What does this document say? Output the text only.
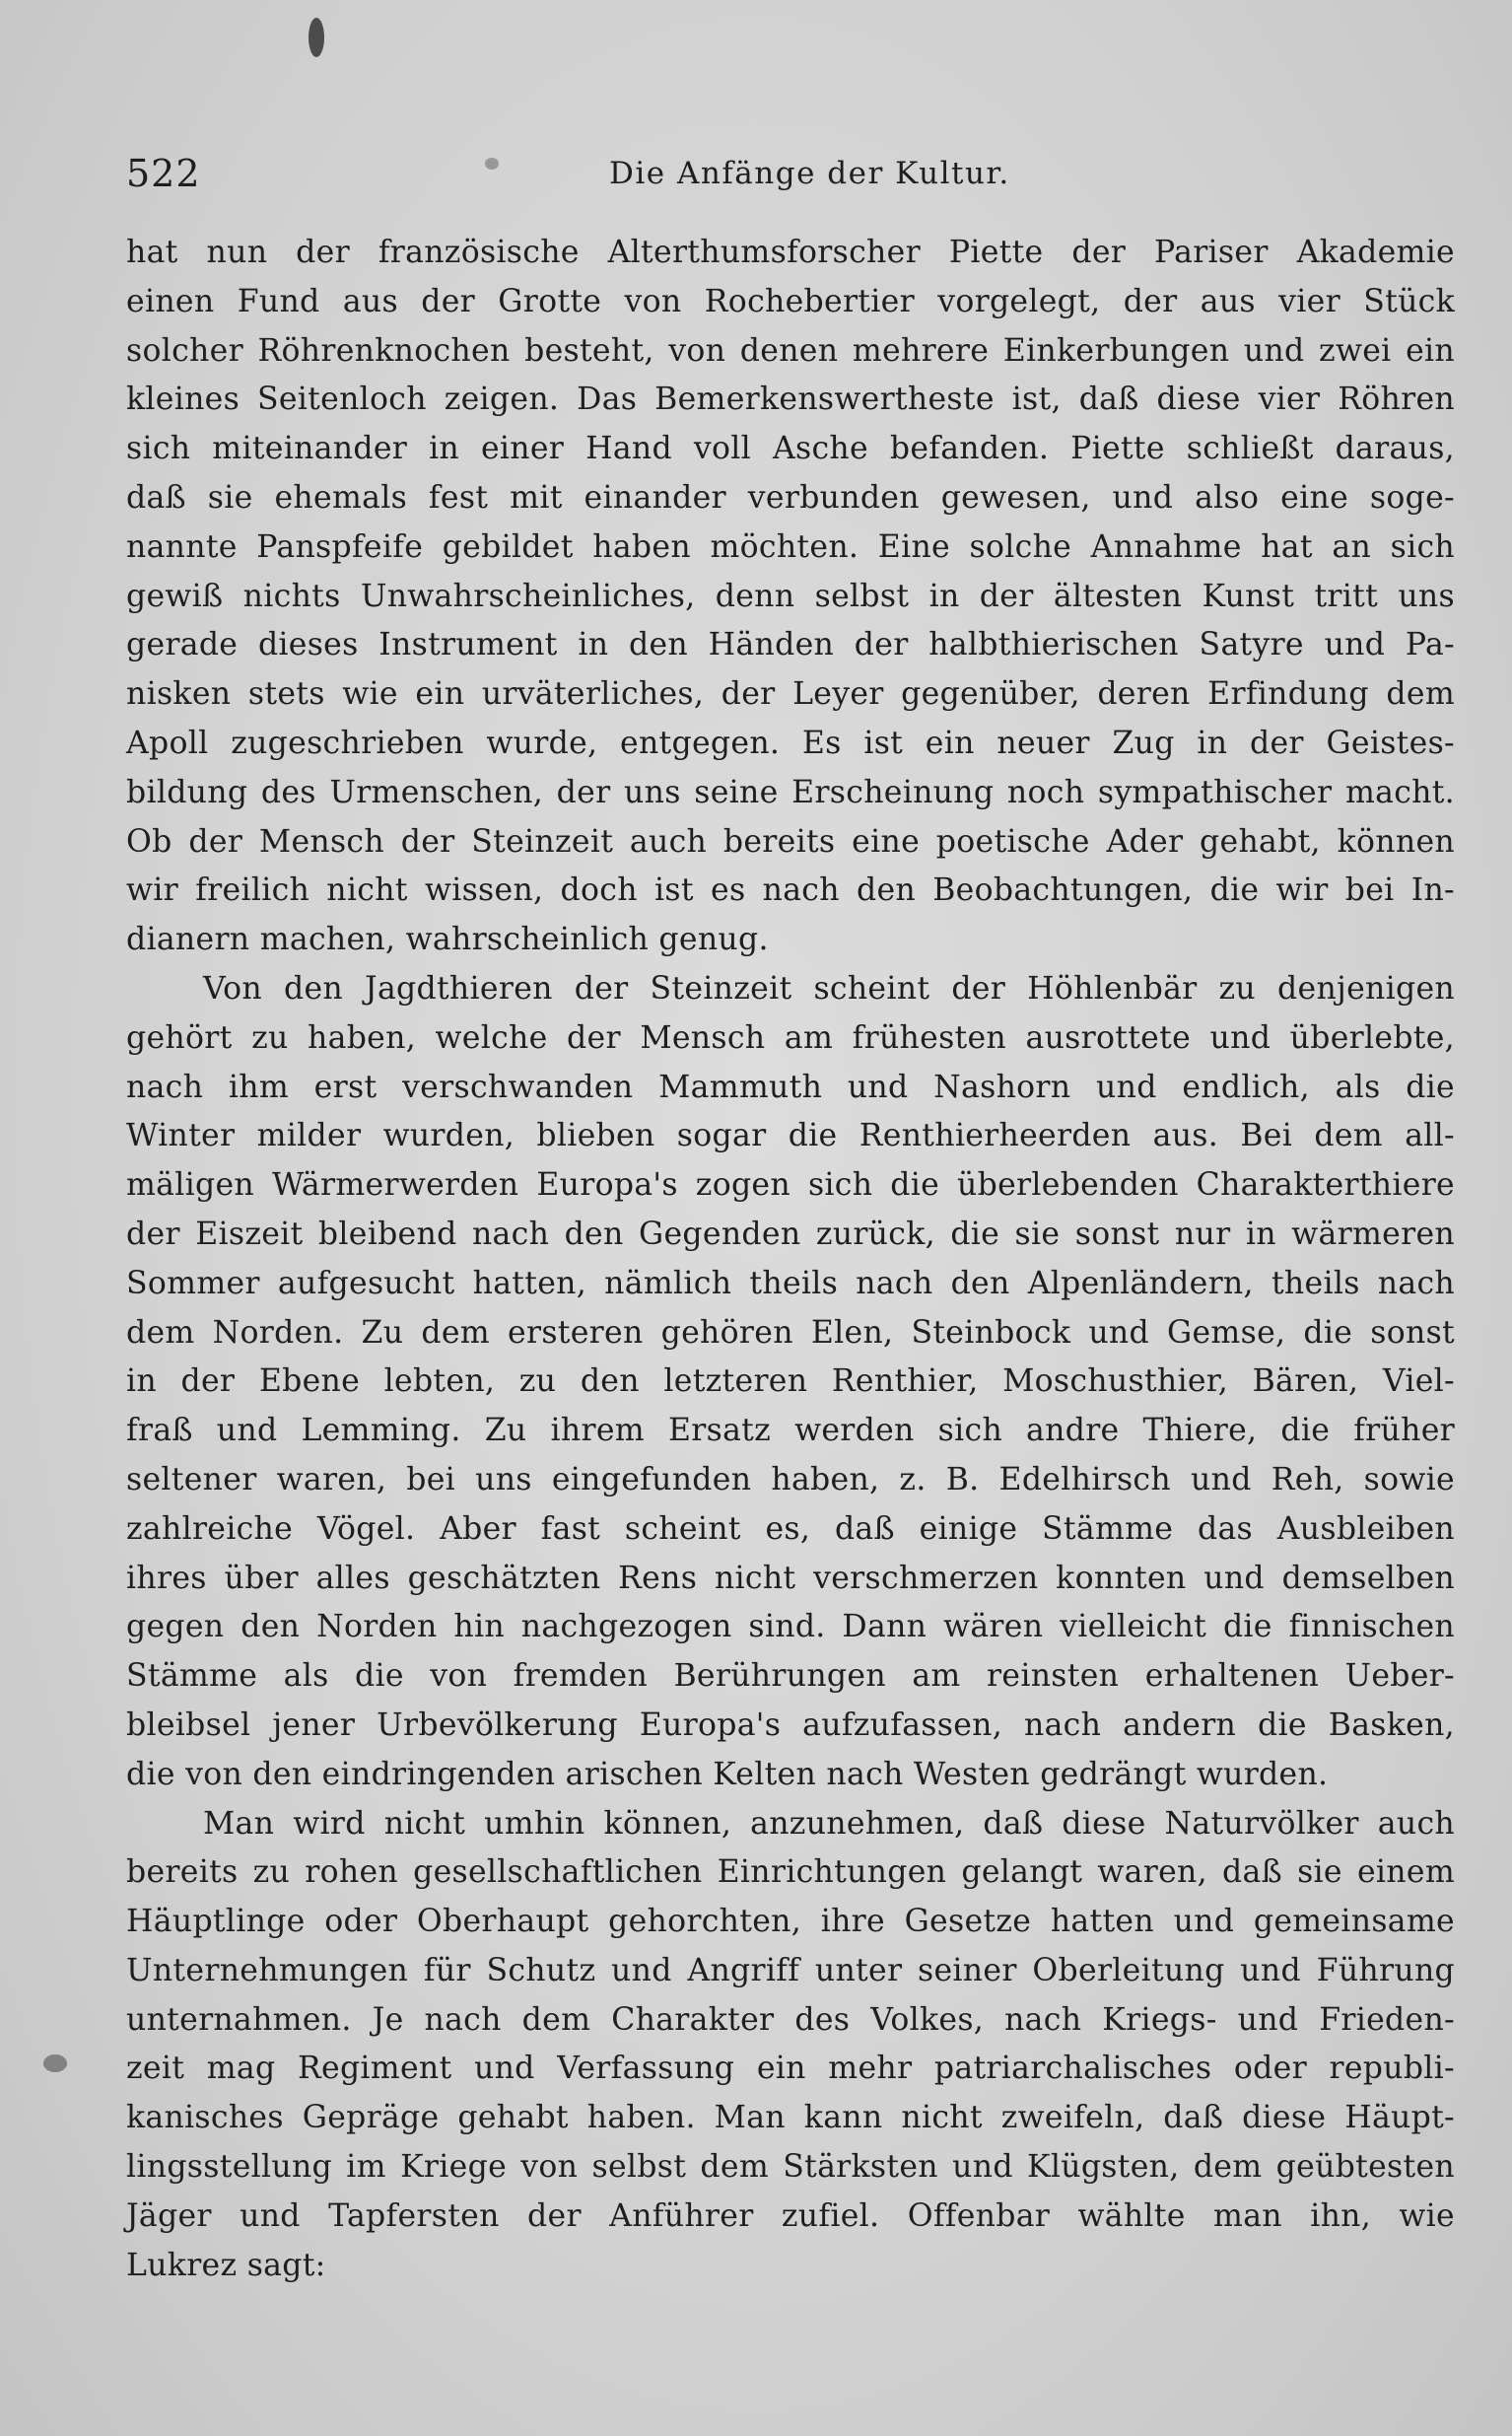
522	Die Anfänge der Kultur.
hat nun der französische Alterthumsforscher Piette der Pariser Akademie
einen Fund aus der Grotte von Rochebertier vorgelegt, der aus vier Stück
solcher Röhrenknochen besteht, von denen mehrere Einkerbungen und zwei ein
kleines Seitenloch zeigen. Das Bemerkenswertheste ist, daß diese vier Röhren
sich miteinander in einer Hand voll Asche befanden. Piette schließt daraus,
daß sie ehemals fest mit einander verbunden gewesen, und also eine soge-
nannte Panspfeife gebildet haben möchten. Eine solche Annahme hat an sich
gewiß nichts Unwahrscheinliches, denn selbst in der ältesten Kunst tritt uns
gerade dieses Instrument in den Händen der halbthierischen Satyre und Pa-
nisken stets wie ein urväterliches, der Leyer gegenüber, deren Erfindung dem
Apoll zugeschrieben wurde, entgegen. Es ist ein neuer Zug in der Geistes-
bildung des Urmenschen, der uns seine Erscheinung noch sympathischer macht.
Ob der Mensch der Steinzeit auch bereits eine poetische Ader gehabt, können
wir freilich nicht wissen, doch ist es nach den Beobachtungen, die wir bei In-
dianern machen, wahrscheinlich genug.
Von den Jagdthieren der Steinzeit scheint der Höhlenbär zu denjenigen
gehört zu haben, welche der Mensch am frühesten ausrottete und überlebte,
nach ihm erst verschwanden Mammuth und Nashorn und endlich, als die
Winter milder wurden, blieben sogar die Renthierheerden aus. Bei dem all-
mäligen Wärmerwerden Europa's zogen sich die überlebenden Charakterthiere
der Eiszeit bleibend nach den Gegenden zurück, die sie sonst nur in wärmeren
Sommer aufgesucht hatten, nämlich theils nach den Alpenländern, theils nach
dem Norden. Zu dem ersteren gehören Elen, Steinbock und Gemse, die sonst
in der Ebene lebten, zu den letzteren Renthier, Moschusthier, Bären, Viel-
fraß und Lemming. Zu ihrem Ersatz werden sich andre Thiere, die früher
seltener waren, bei uns eingefunden haben, z. B. Edelhirsch und Reh, sowie
zahlreiche Vögel. Aber fast scheint es, daß einige Stämme das Ausbleiben
ihres über alles geschätzten Rens nicht verschmerzen konnten und demselben
gegen den Norden hin nachgezogen sind. Dann wären vielleicht die finnischen
Stämme als die von fremden Berührungen am reinsten erhaltenen Ueber-
bleibsel jener Urbevölkerung Europa's aufzufassen, nach andern die Basken,
die von den eindringenden arischen Kelten nach Westen gedrängt wurden.
Man wird nicht umhin können, anzunehmen, daß diese Naturvölker auch
bereits zu rohen gesellschaftlichen Einrichtungen gelangt waren, daß sie einem
Häuptlinge oder Oberhaupt gehorchten, ihre Gesetze hatten und gemeinsame
Unternehmungen für Schutz und Angriff unter seiner Oberleitung und Führung
unternahmen. Je nach dem Charakter des Volkes, nach Kriegs- und Frieden-
zeit mag Regiment und Verfassung ein mehr patriarchalisches oder republi-
kanisches Gepräge gehabt haben. Man kann nicht zweifeln, daß diese Häupt-
lingsstellung im Kriege von selbst dem Stärksten und Klügsten, dem geübtesten
Jäger und Tapfersten der Anführer zufiel. Offenbar wählte man ihn, wie
Lukrez sagt:
